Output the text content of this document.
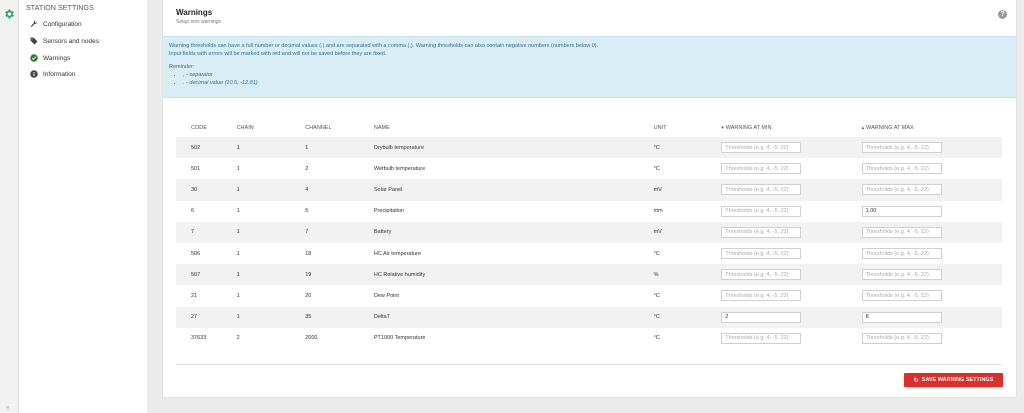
«
STATION SETTINGS
Configuration
Sensors and nodes
Warnings
Information
Warnings
Setup sms warnings
?
Warning thresholds can have a full number or decimal values (.) and are separated with a comma (,). Warning thresholds can also contain negative numbers (numbers below 0).
Input fields with errors will be marked with red and will not be saved before they are fixed.
Reminder:
• , - separator
• . - decimal value (10.5, -12.81)
CODE	CHAIN	CHANNEL	NAME	UNIT	▾ WARNING AT MIN	▴ WARNING AT MAX
502	1	1	Drybulb temperature	°C	Thresholds (e.g. 4, -5, 22)	Thresholds (e.g. 4, -5, 22)
501	1	2	Wetbulb temperature	°C	Thresholds (e.g. 4, -5, 22)	Thresholds (e.g. 4, -5, 22)
30	1	4	Solar Panel	mV	Thresholds (e.g. 4, -5, 22)	Thresholds (e.g. 4, -5, 22)
6	1	5	Precipitation	mm	Thresholds (e.g. 4, -5, 22)	1.00
7	1	7	Battery	mV	Thresholds (e.g. 4, -5, 22)	Thresholds (e.g. 4, -5, 22)
506	1	18	HC Air temperature	°C	Thresholds (e.g. 4, -5, 22)	Thresholds (e.g. 4, -5, 22)
507	1	19	HC Relative humidity	%	Thresholds (e.g. 4, -5, 22)	Thresholds (e.g. 4, -5, 22)
21	1	20	Dew Point	°C	Thresholds (e.g. 4, -5, 22)	Thresholds (e.g. 4, -5, 22)
27	1	35	DeltaT	°C	2	8
37633	2	2000	PT1000 Temperature	°C	Thresholds (e.g. 4, -5, 22)	Thresholds (e.g. 4, -5, 22)
↻ SAVE WARNING SETTINGS
